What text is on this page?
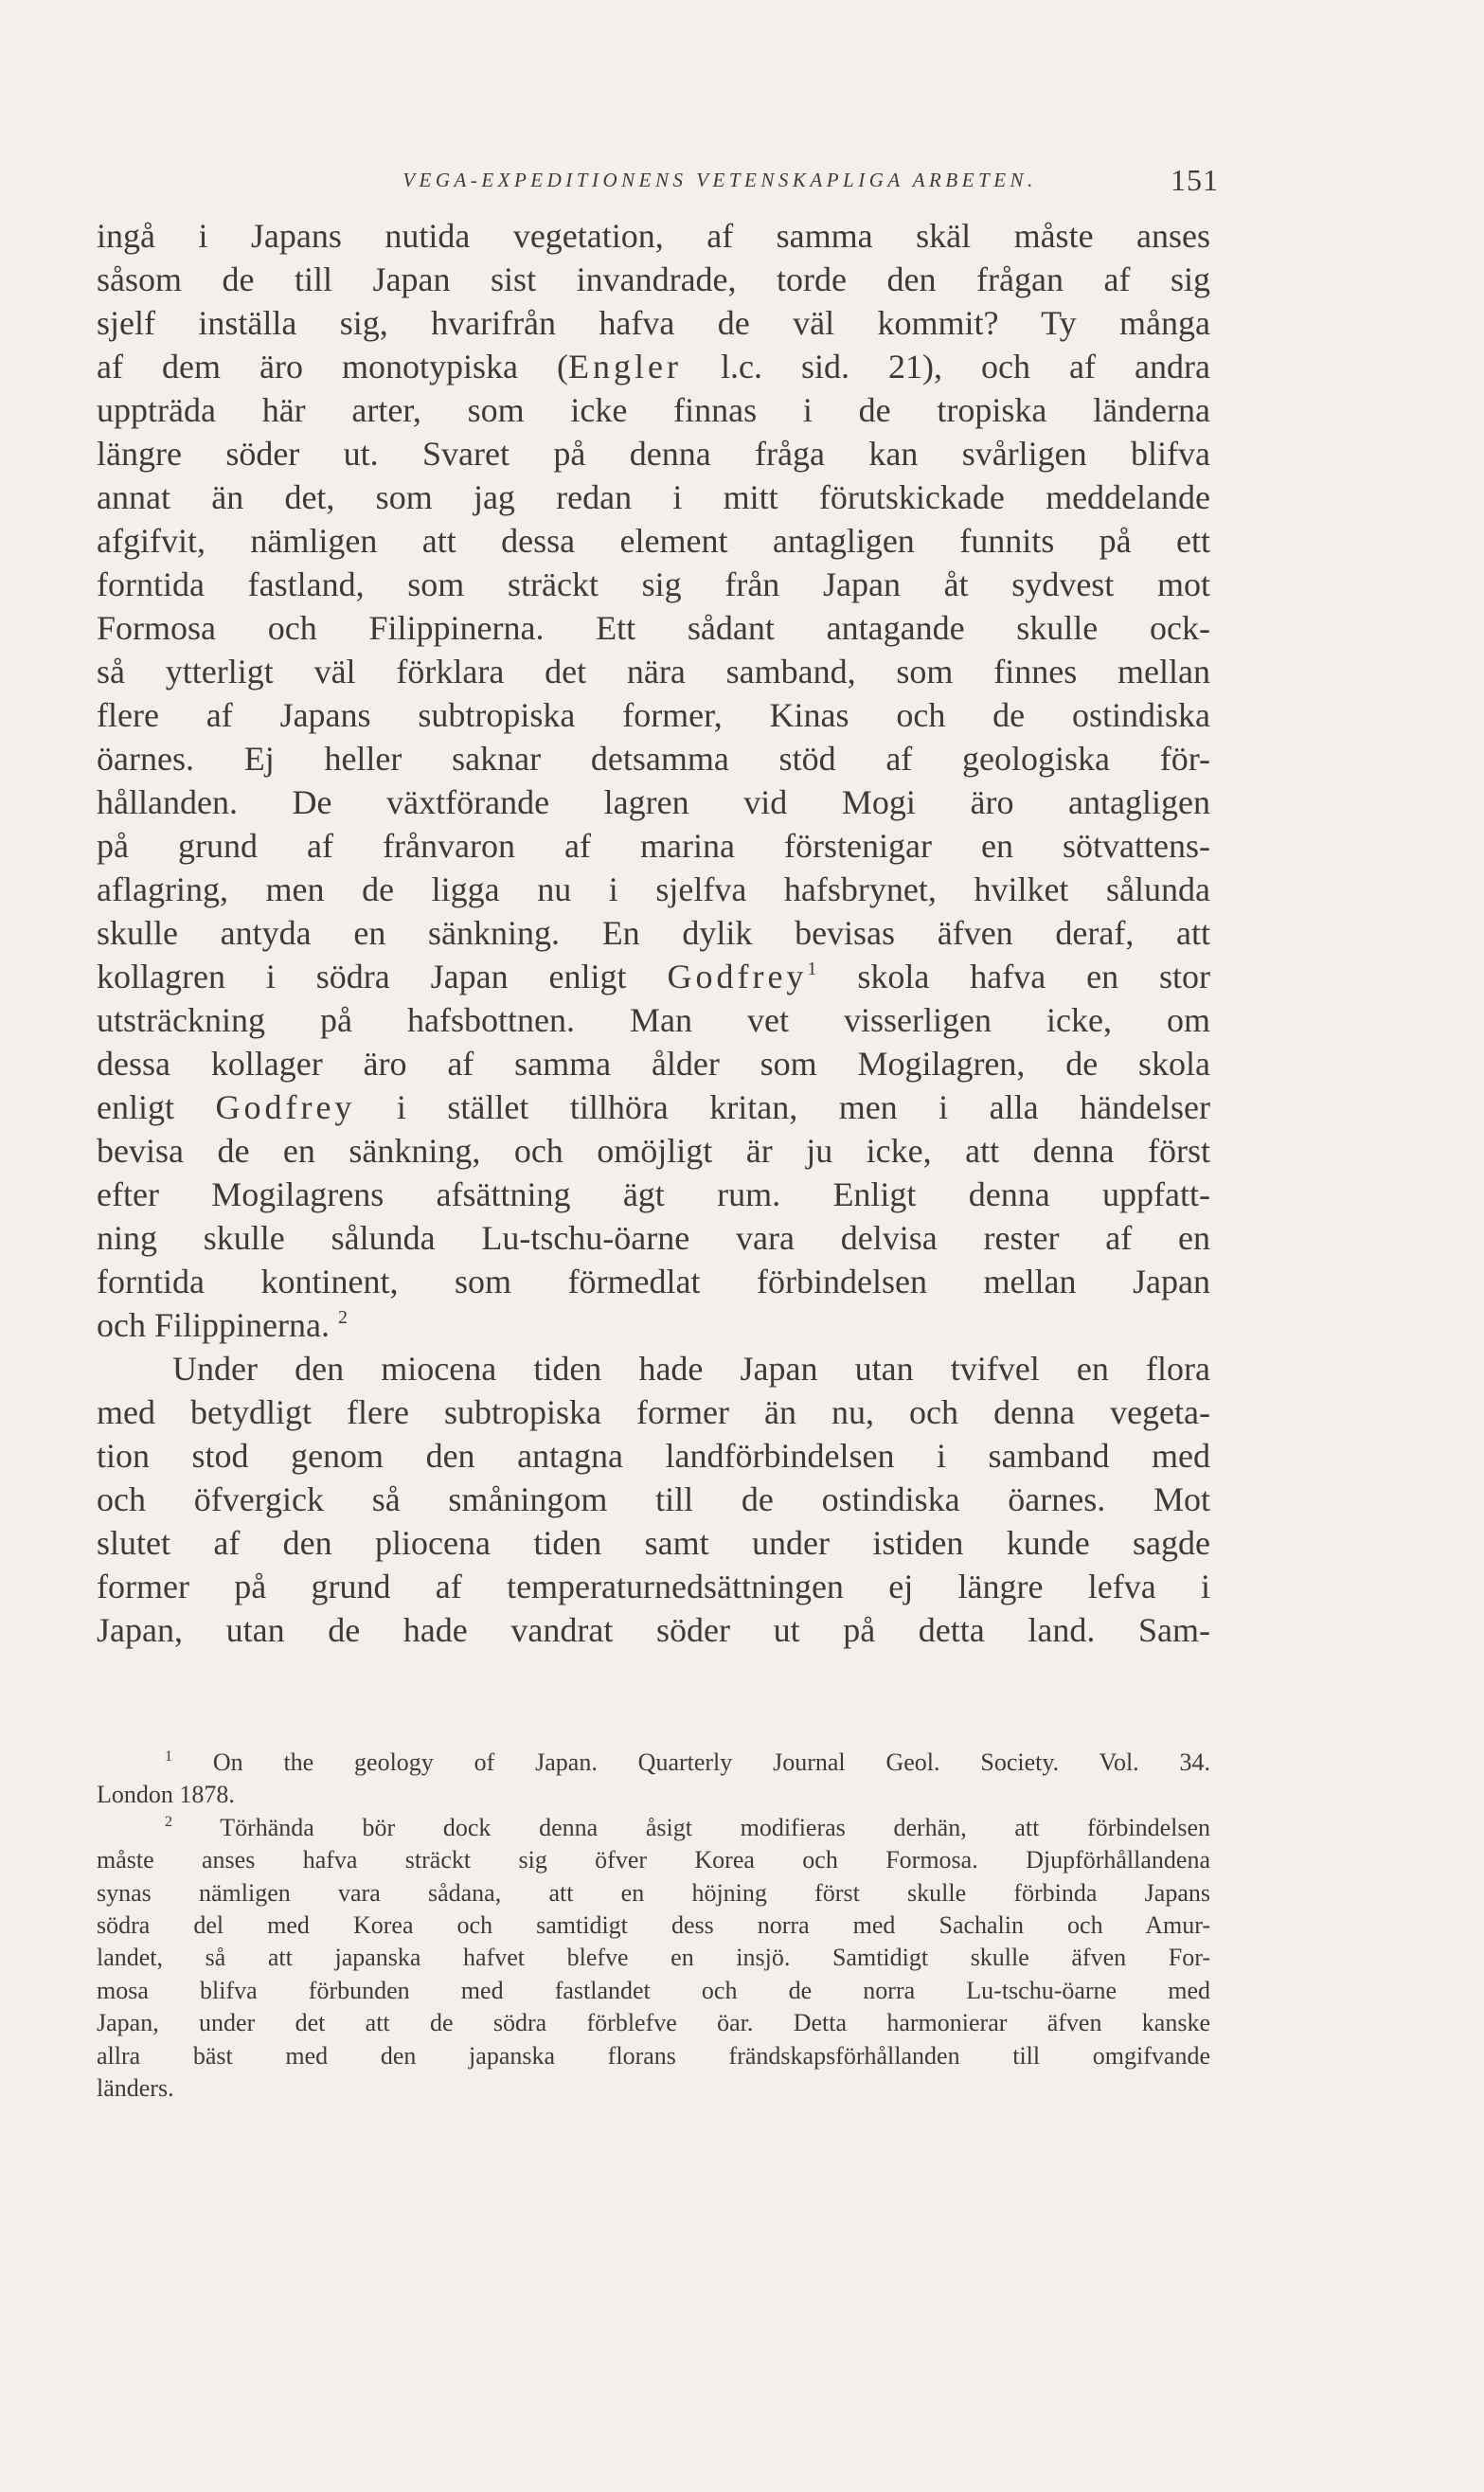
VEGA-EXPEDITIONENS VETENSKAPLIGA ARBETEN.	151
ingå i Japans nutida vegetation, af samma skäl måste anses
såsom de till Japan sist invandrade, torde den frågan af sig
sjelf inställa sig, hvarifrån hafva de väl kommit? Ty många
af dem äro monotypiska (Engler l.c. sid. 21), och af andra
uppträda här arter, som icke finnas i de tropiska länderna
längre söder ut. Svaret på denna fråga kan svårligen blifva
annat än det, som jag redan i mitt förutskickade meddelande
afgifvit, nämligen att dessa element antagligen funnits på ett
forntida fastland, som sträckt sig från Japan åt sydvest mot
Formosa och Filippinerna. Ett sådant antagande skulle ock-
så ytterligt väl förklara det nära samband, som finnes mellan
flere af Japans subtropiska former, Kinas och de ostindiska
öarnes. Ej heller saknar detsamma stöd af geologiska för-
hållanden. De växtförande lagren vid Mogi äro antagligen
på grund af frånvaron af marina förstenigar en sötvattens-
aflagring, men de ligga nu i sjelfva hafsbrynet, hvilket sålunda
skulle antyda en sänkning. En dylik bevisas äfven deraf, att
kollagren i södra Japan enligt Godfrey$^1$ skola hafva en stor
utsträckning på hafsbottnen. Man vet visserligen icke, om
dessa kollager äro af samma ålder som Mogilagren, de skola
enligt Godfrey i stället tillhöra kritan, men i alla händelser
bevisa de en sänkning, och omöjligt är ju icke, att denna först
efter Mogilagrens afsättning ägt rum. Enligt denna uppfatt-
ning skulle sålunda Lu-tschu-öarne vara delvisa rester af en
forntida kontinent, som förmedlat förbindelsen mellan Japan
och Filippinerna. $^2$
Under den miocena tiden hade Japan utan tvifvel en flora
med betydligt flere subtropiska former än nu, och denna vegeta-
tion stod genom den antagna landförbindelsen i samband med
och öfvergick så småningom till de ostindiska öarnes. Mot
slutet af den pliocena tiden samt under istiden kunde sagde
former på grund af temperaturnedsättningen ej längre lefva i
Japan, utan de hade vandrat söder ut på detta land. Sam-
$^1$ On the geology of Japan. Quarterly Journal Geol. Society. Vol. 34.
London 1878.
$^2$ Törhända bör dock denna åsigt modifieras derhän, att förbindelsen
måste anses hafva sträckt sig öfver Korea och Formosa. Djupförhållandena
synas nämligen vara sådana, att en höjning först skulle förbinda Japans
södra del med Korea och samtidigt dess norra med Sachalin och Amur-
landet, så att japanska hafvet blefve en insjö. Samtidigt skulle äfven For-
mosa blifva förbunden med fastlandet och de norra Lu-tschu-öarne med
Japan, under det att de södra förblefve öar. Detta harmonierar äfven kanske
allra bäst med den japanska florans frändskapsförhållanden till omgifvande
länders.
